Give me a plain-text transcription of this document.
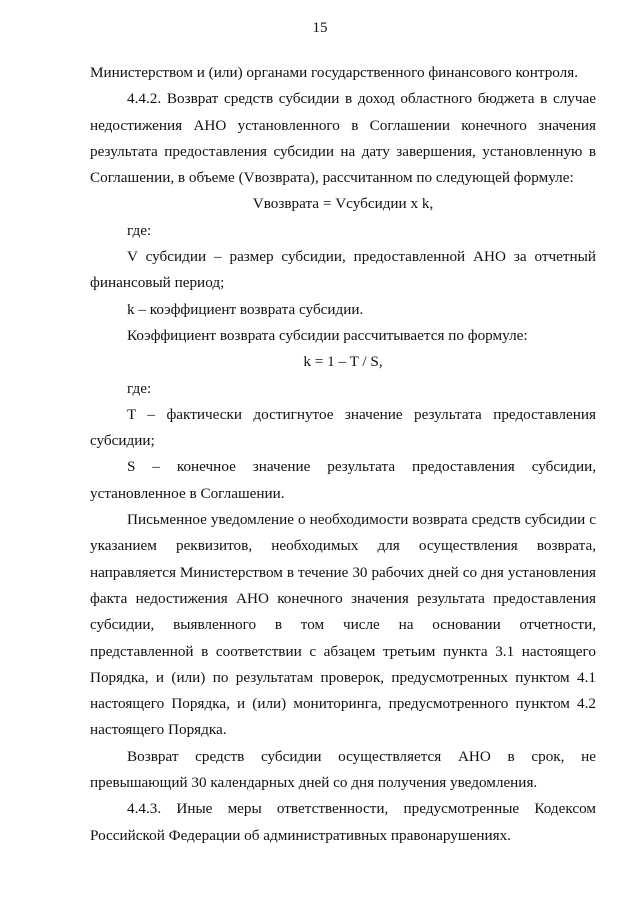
15

Министерством и (или) органами государственного финансового контроля.

4.4.2. Возврат средств субсидии в доход областного бюджета в случае недостижения АНО установленного в Соглашении конечного значения результата предоставления субсидии на дату завершения, установленную в Соглашении, в объеме (Vвозврата), рассчитанном по следующей формуле:

Vвозврата = Vсубсидии x k,

где:

V субсидии – размер субсидии, предоставленной АНО за отчетный финансовый период;

k – коэффициент возврата субсидии.

Коэффициент возврата субсидии рассчитывается по формуле:

k = 1 – T / S,

где:

T – фактически достигнутое значение результата предоставления субсидии;

S – конечное значение результата предоставления субсидии, установленное в Соглашении.

Письменное уведомление о необходимости возврата средств субсидии с указанием реквизитов, необходимых для осуществления возврата, направляется Министерством в течение 30 рабочих дней со дня установления факта недостижения АНО конечного значения результата предоставления субсидии, выявленного в том числе на основании отчетности, представленной в соответствии с абзацем третьим пункта 3.1 настоящего Порядка, и (или) по результатам проверок, предусмотренных пунктом 4.1 настоящего Порядка, и (или) мониторинга, предусмотренного пунктом 4.2 настоящего Порядка.

Возврат средств субсидии осуществляется АНО в срок, не превышающий 30 календарных дней со дня получения уведомления.

4.4.3. Иные меры ответственности, предусмотренные Кодексом Российской Федерации об административных правонарушениях.
